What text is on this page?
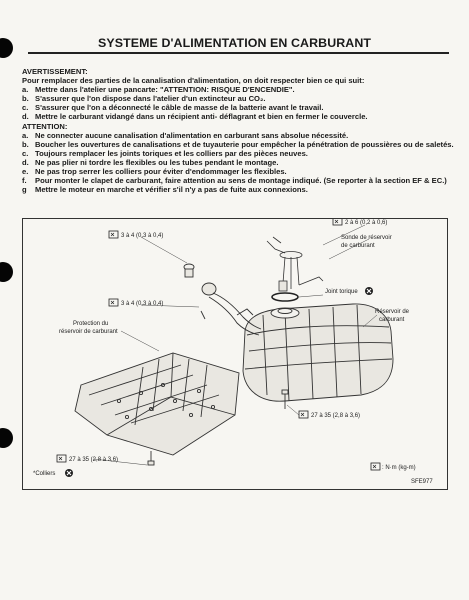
SYSTEME D'ALIMENTATION EN CARBURANT
AVERTISSEMENT:
Pour remplacer des parties de la canalisation d'alimentation, on doit respecter bien ce qui suit:
a. Mettre dans l'atelier une pancarte: "ATTENTION: RISQUE D'ENCENDIE".
b. S'assurer que l'on dispose dans l'atelier d'un extincteur au CO₂.
c. S'assurer que l'on a déconnecté le câble de masse de la batterie avant le travail.
d. Mettre le carburant vidangé dans un récipient anti- déflagrant et bien en fermer le couvercle.
ATTENTION:
a. Ne connecter aucune canalisation d'alimentation en carburant sans absolue nécessité.
b. Boucher les ouvertures de canalisations et de tuyauterie pour empêcher la pénétration de poussières ou de saletés.
c. Toujours remplacer les joints toriques et les colliers par des pièces neuves.
d. Ne pas plier ni tordre les flexibles ou les tubes pendant le montage.
e. Ne pas trop serrer les colliers pour éviter d'endommager les flexibles.
f.	Pour monter le clapet de carburant, faire attention au sens de montage indiqué. (Se reporter à la section EF & EC.)
g	Mettre le moteur en marche et vérifier s'il n'y a pas de fuite aux connexions.
3 à 4 (0,3 à 0,4)
3 à 4 (0,3 à 0,4)
2 à 6 (0,2 à 0,6)
27 à 35 (2,8 à 3,6)
27 à 35 (2,8 à 3,6)
Sonde de réservoir
de carburant
Joint torique
Réservoir de
carburant
Protection du
réservoir de carburant
*Colliers
: N·m (kg-m)
SFE977
